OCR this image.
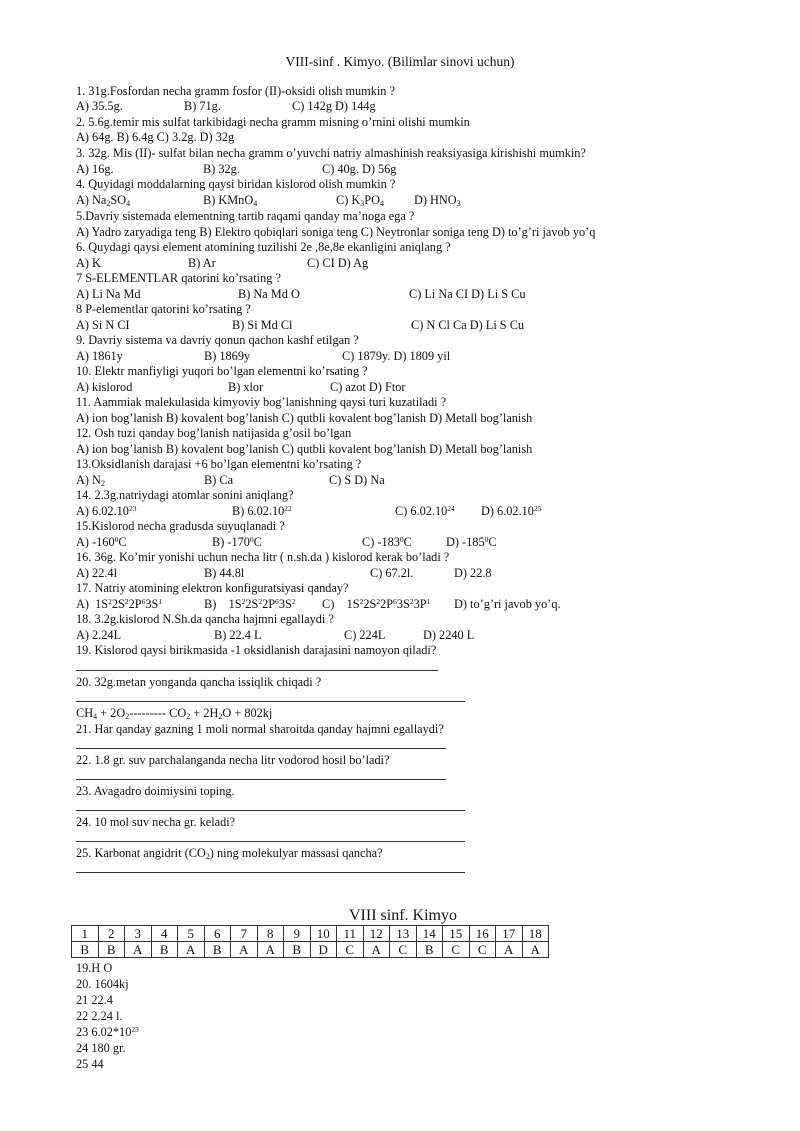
VIII-sinf . Kimyo. (Bilimlar sinovi uchun)
1. 31g.Fosfordan necha gramm fosfor (II)-oksidi olish mumkin ?
A) 35.5g.	B) 71g.	C) 142g D) 144g
2. 5.6g.temir mis sulfat tarkibidagi necha gramm misning o’rnini olishi mumkin
A) 64g. B) 6.4g C) 3.2g. D) 32g
3. 32g. Mis (II)- sulfat bilan necha gramm o’yuvchi natriy almashinish reaksiyasiga kirishishi mumkin?
A) 16g.	B) 32g.	C) 40g. D) 56g
4. Quyidagi moddalarning qaysi biridan kislorod olish mumkin ?
A) $Na_2SO_4$	B) KMnO$_4$	C) $K_3PO_4$ D) $HNO_3$
5.Davriy sistemada elementning tartib raqami qanday ma’noga ega ?
A) Yadro zaryadiga teng B) Elektro qobiqlari soniga teng C) Neytronlar soniga teng D) to’g’ri javob yo’q
6. Quydagi qaysi element atomining tuzilishi 2e ,8e,8e ekanligini aniqlang ?
A) K	B) Ar	C) CI D) Ag
7 S-ELEMENTLAR qatorini ko’rsating ?
A) Li Na Md	B) Na Md O	C) Li Na CI D) Li S Cu
8 P-elementlar qatorini ko’rsating ?
A) Si N CI	B) Si Md Cl	C) N Cl Ca D) Li S Cu
9. Davriy sistema va davriy qonun qachon kashf etilgan ?
A) 1861y	B) 1869y	C) 1879y. D) 1809 yil
10. Elektr manfiyligi yuqori bo’lgan elementni ko’rsating ?
A) kislorod	B) xlor	C) azot D) Ftor
11. Aammiak malekulasida kimyoviy bog’lanishning qaysi turi kuzatiladi ?
A) ion bog’lanish B) kovalent bog’lanish C) qutbli kovalent bog’lanish D) Metall bog’lanish
12. Osh tuzi qanday bog’lanish natijasida g’osil bo’lgan
A) ion bog’lanish B) kovalent bog’lanish C) qutbli kovalent bog’lanish D) Metall bog’lanish
13.Oksidlanish darajasi +6 bo’lgan elementni ko’rsating ?
A) $N_2$	B) Ca	C) S D) Na
14. 2.3g.natriydagi atomlar sonini aniqlang?
A) 6.02.10$^{23}$	B) 6.02.10$^{22}$	C) 6.02.10$^{24}$ D) 6.02.10$^{25}$
15.Kislorod necha gradusda suyuqlanadi ?
A) $-160^0C$	B) $-170^0C$	C) $-183^0C$	D) $-185^0C$
16. 36g. Ko’mir yonishi uchun necha litr ( n.sh.da ) kislorod kerak bo’ladi ?
A) 22.4l	B) 44.8l	C) 67.2l.	D) 22.8
17. Natriy atomining elektron konfiguratsiyasi qanday?
A) $1S^22S^22P^63S^1$	B) $1S^22S^22P^63S^2$ C) $1S^22S^22P^63S^23P^1$ D) to’g’ri javob yo’q.
18. 3.2g.kislorod N.Sh.da qancha hajmni egallaydi ?
A) 2.24L	B) 22.4 L	C) 224L	D) 2240 L
19. Kislorod qaysi birikmasida -1 oksidlanish darajasini namoyon qiladi?
20. 32g.metan yonganda qancha issiqlik chiqadi ?
$CH_4 + 2O_2---------$ $CO_2 + 2H_2O + 802kj$
21. Har qanday gazning 1 moli normal sharoitda qanday hajmni egallaydi?
22. 1.8 gr. suv parchalanganda necha litr vodorod hosil bo’ladi?
23. Avagadro doimiysini toping.
24. 10 mol suv necha gr. keladi?
25. Karbonat angidrit $(CO_2)$ ning molekulyar massasi qancha?
VIII sinf. Kimyo
1	2	3	4	5	6	7	8	9	10	11	12	13	14	15	16	17	18
B	B	A	B	A	B	A	A	B	D	C	A	C	B	C	C	A	A
19.H O
20. 1604kj
21 22.4
22 2.24 l.
23 $6.02*10^{23}$
24 180 gr.
25 44
